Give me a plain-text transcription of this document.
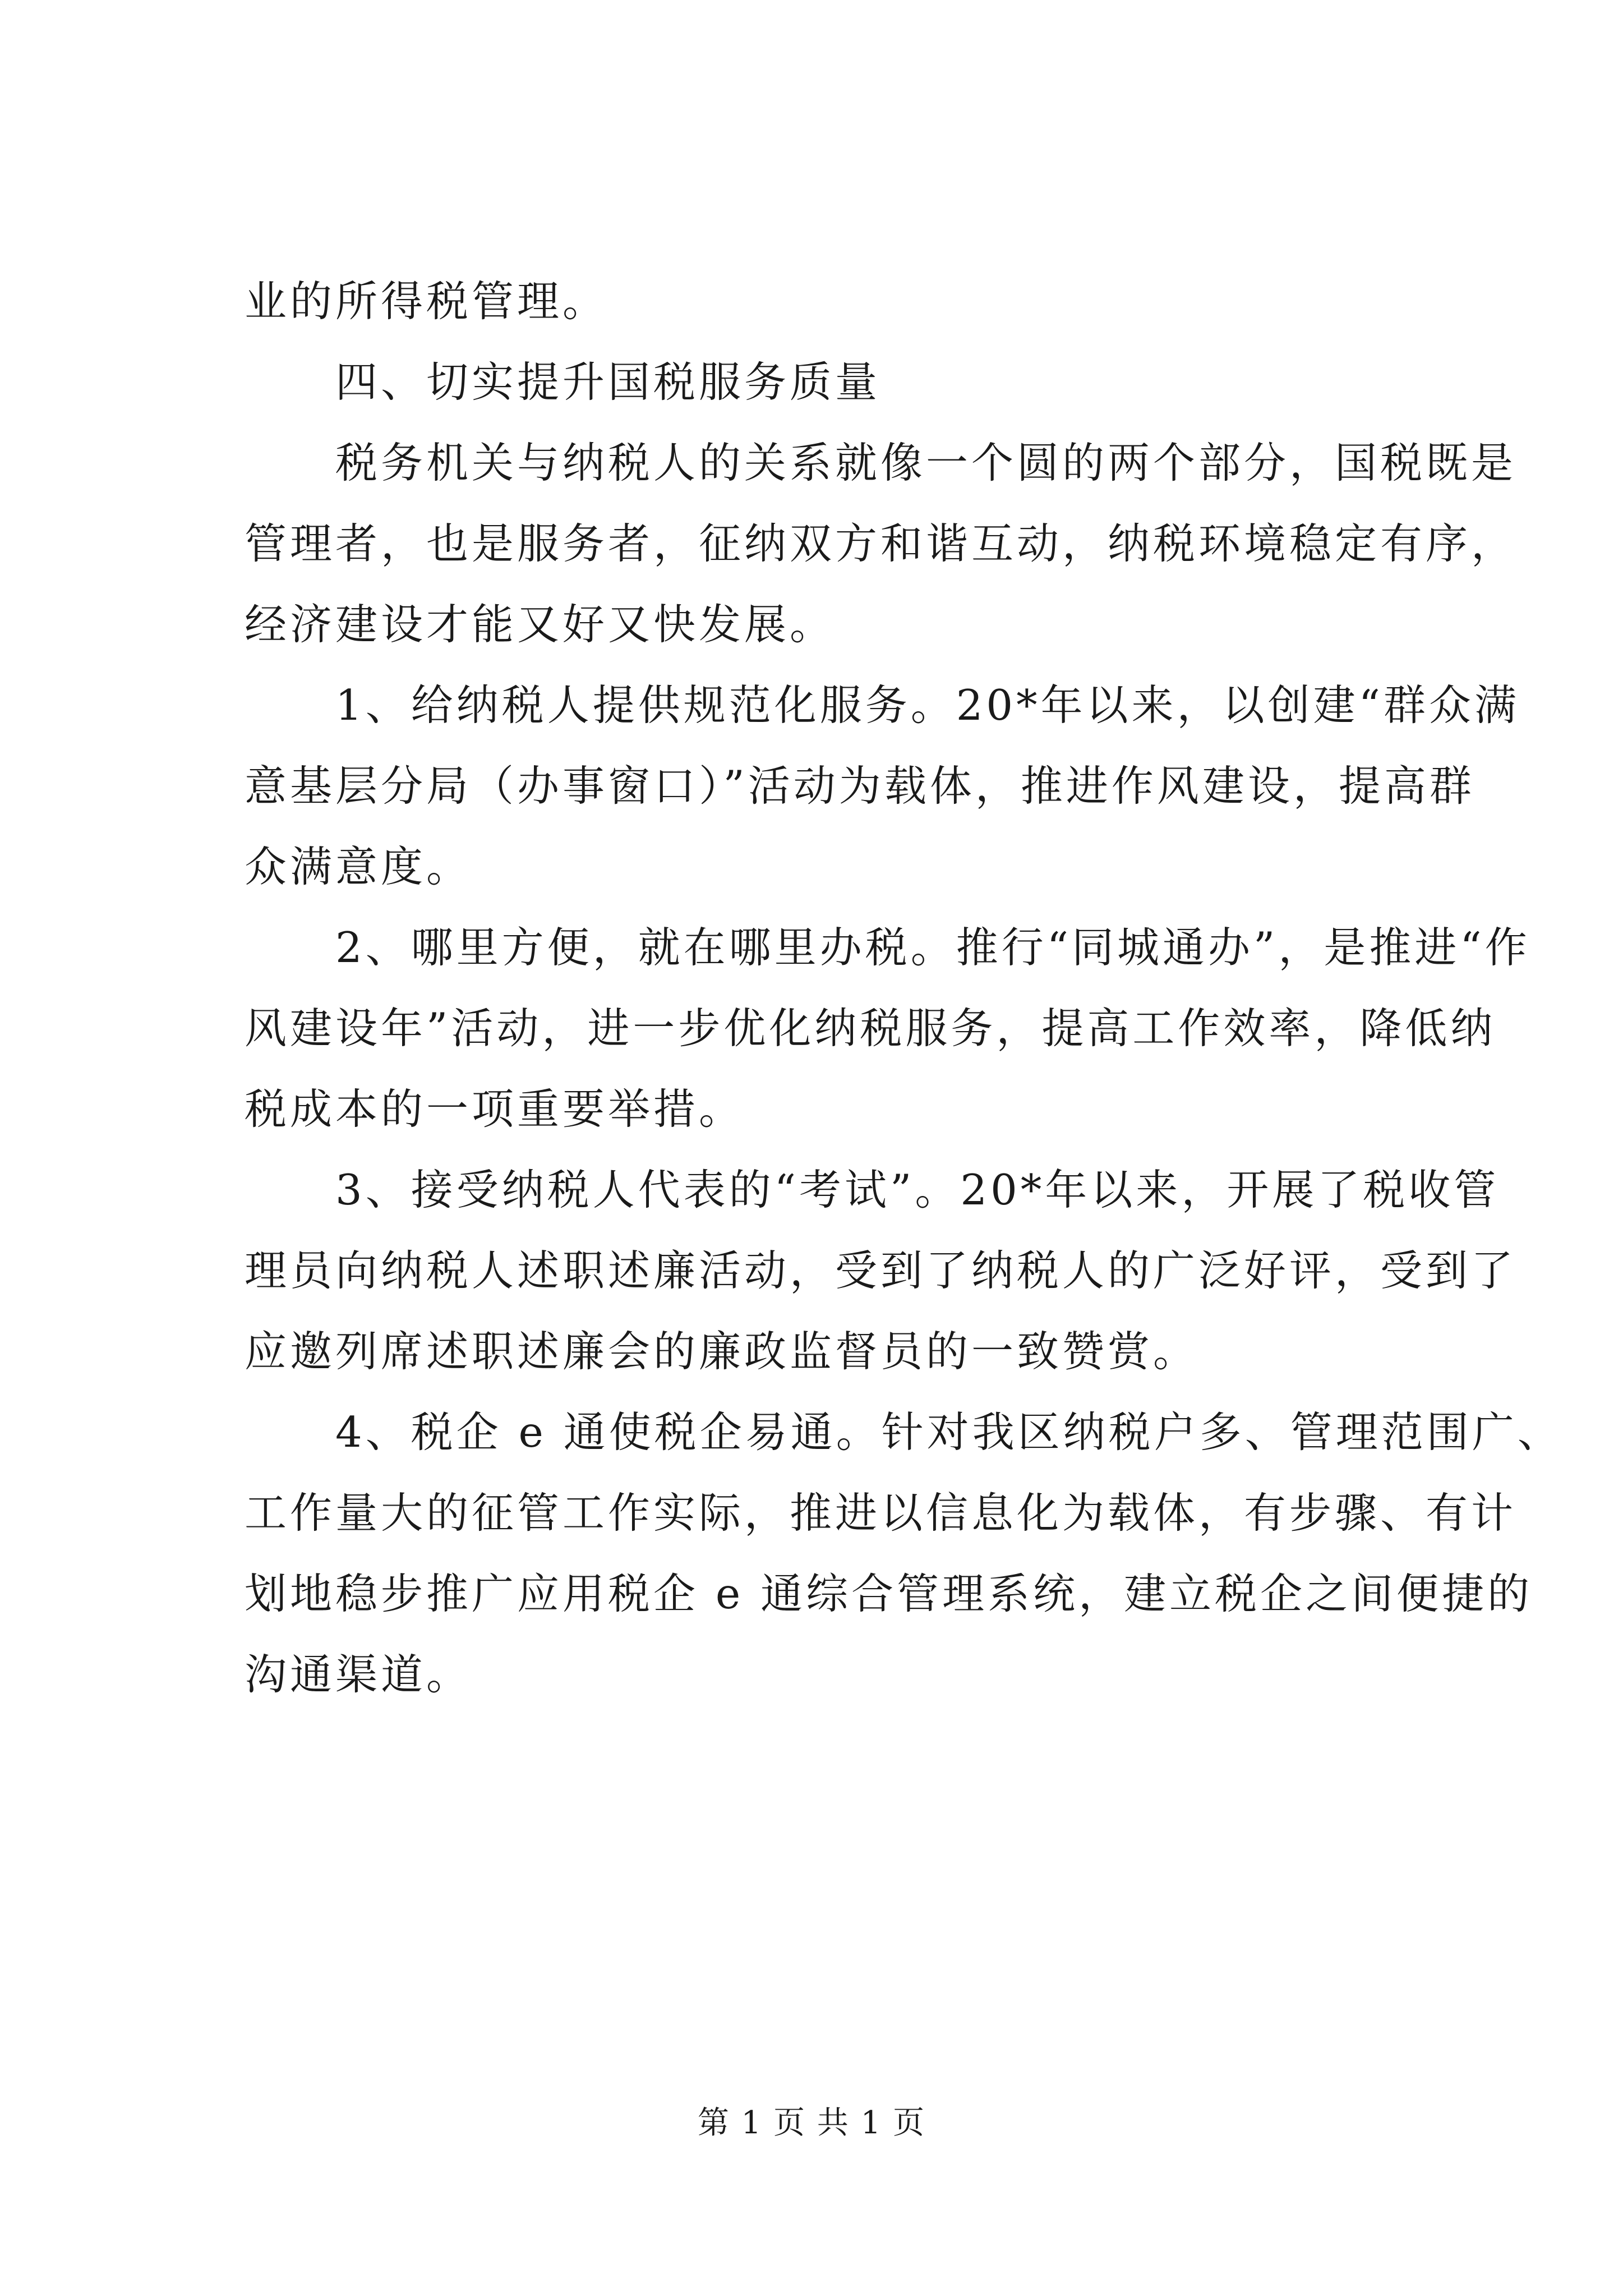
业的所得税管理。
　　四、切实提升国税服务质量
　　税务机关与纳税人的关系就像一个圆的两个部分，国税既是
管理者，也是服务者，征纳双方和谐互动，纳税环境稳定有序，
经济建设才能又好又快发展。
　　1、给纳税人提供规范化服务。20*年以来，以创建“群众满
意基层分局（办事窗口）”活动为载体，推进作风建设，提高群
众满意度。
　　2、哪里方便，就在哪里办税。推行“同城通办”，是推进“作
风建设年”活动，进一步优化纳税服务，提高工作效率，降低纳
税成本的一项重要举措。
　　3、接受纳税人代表的“考试”。20*年以来，开展了税收管
理员向纳税人述职述廉活动，受到了纳税人的广泛好评，受到了
应邀列席述职述廉会的廉政监督员的一致赞赏。
　　4、税企 e 通使税企易通。针对我区纳税户多、管理范围广、
工作量大的征管工作实际，推进以信息化为载体，有步骤、有计
划地稳步推广应用税企 e 通综合管理系统，建立税企之间便捷的
沟通渠道。
第 1 页 共 1 页
